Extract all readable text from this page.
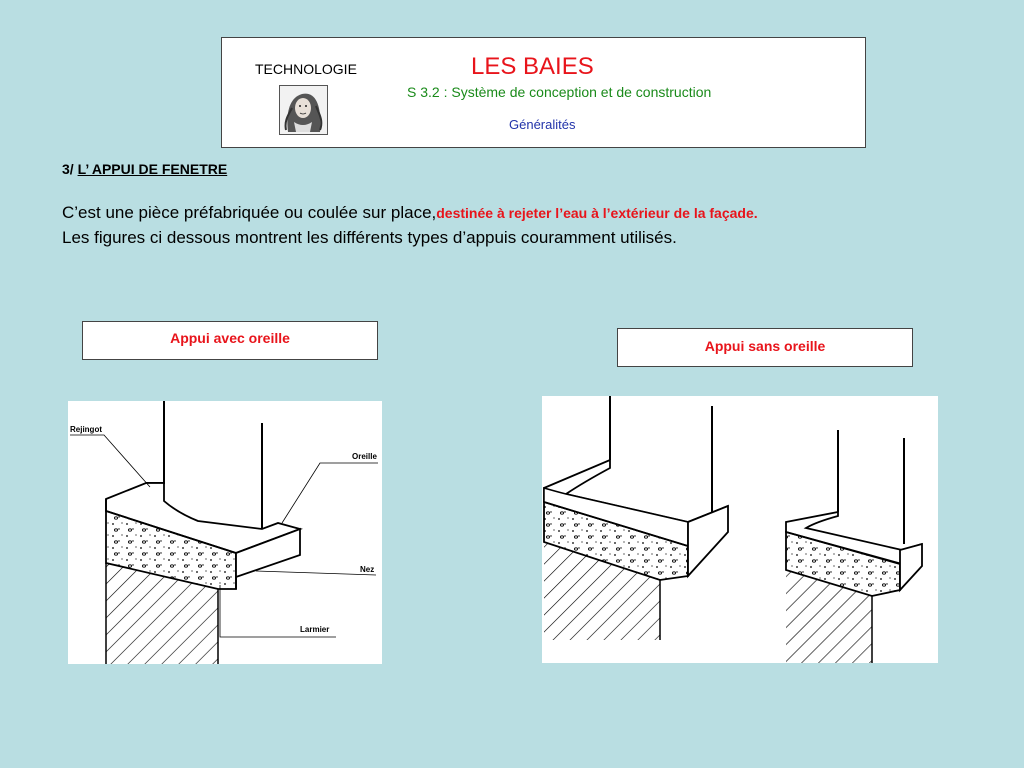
TECHNOLOGIE	LES BAIES
S 3.2 : Système de conception et de construction
Généralités
3/ L’ APPUI DE FENETRE
C’est une pièce préfabriquée ou coulée sur place,destinée à rejeter l’eau à l’extérieur de la façade.
Les figures ci dessous montrent les différents types d’appuis couramment utilisés.
Appui avec oreille	Appui sans oreille
Rejingot
Oreille
Nez
Larmier
